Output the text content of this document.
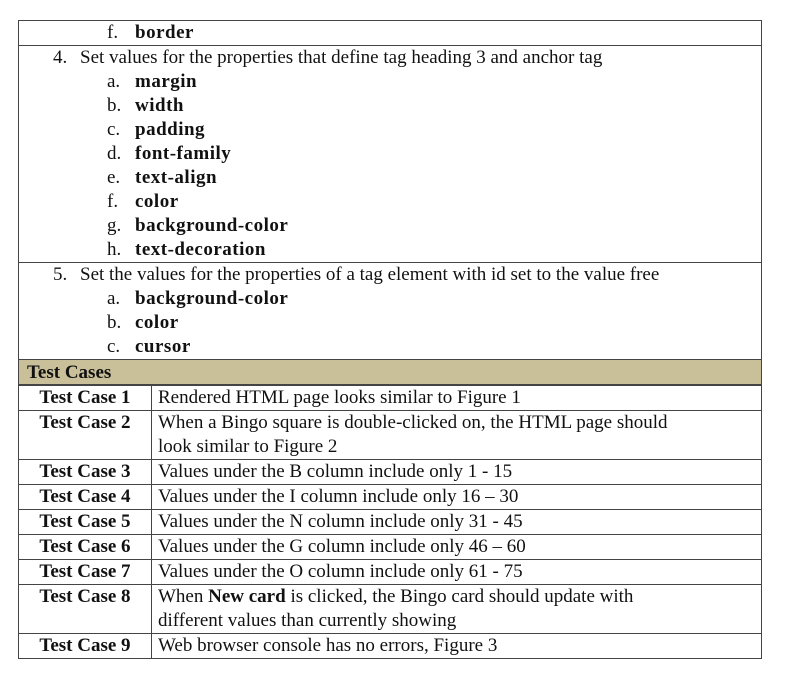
f. border
4. Set values for the properties that define tag heading 3 and anchor tag
a. margin
b. width
c. padding
d. font-family
e. text-align
f. color
g. background-color
h. text-decoration
5. Set the values for the properties of a tag element with id set to the value free
a. background-color
b. color
c. cursor
Test Cases
Test Case 1	Rendered HTML page looks similar to Figure 1
Test Case 2	When a Bingo square is double-clicked on, the HTML page should
look similar to Figure 2

Test Case 3	Values under the B column include only 1 - 15
Test Case 4	Values under the I column include only 16 – 30
Test Case 5	Values under the N column include only 31 - 45
Test Case 6	Values under the G column include only 46 – 60
Test Case 7	Values under the O column include only 61 - 75
Test Case 8	When New card is clicked, the Bingo card should update with
different values than currently showing

Test Case 9	Web browser console has no errors, Figure 3
